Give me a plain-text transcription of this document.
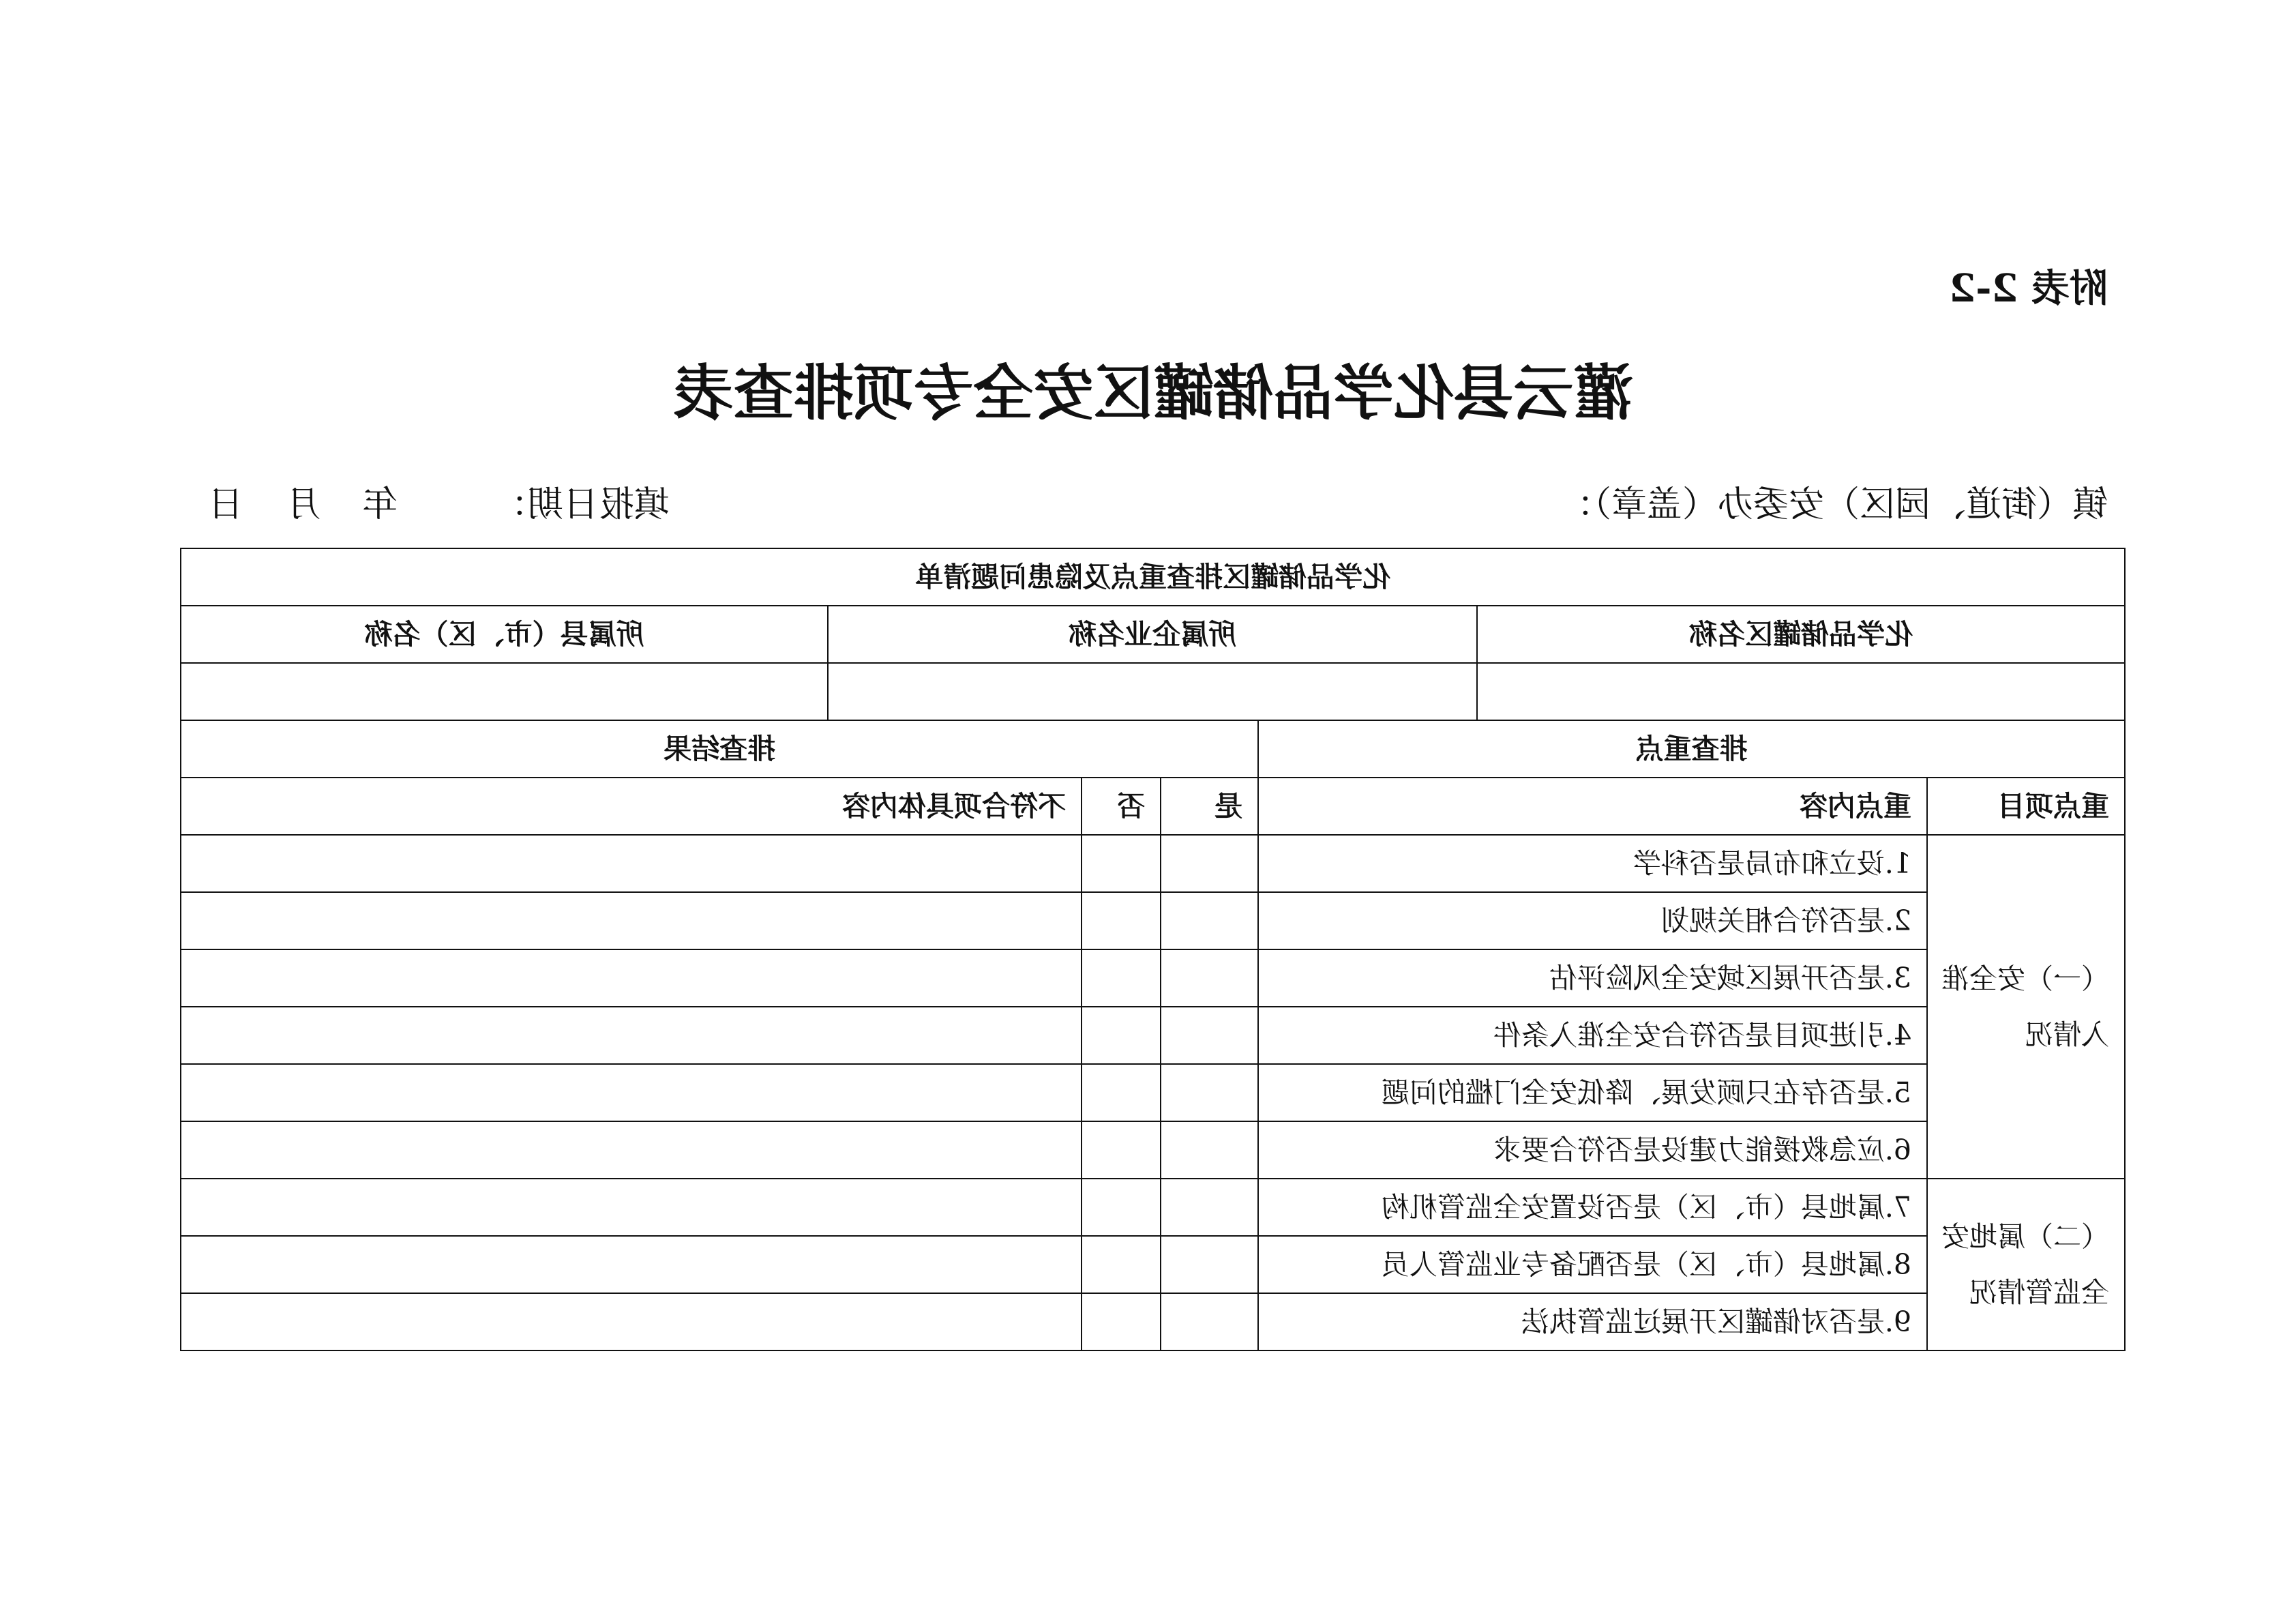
附表 2-2
灌云县化学品储罐区安全专项排查表
镇（街道、园区）安委办（盖章）：
填报日期：
年
月
日
化学品储罐区排查重点及隐患问题清单						
化学品储罐区名称		所属企业名称				所属县（市、区）名称

排查重点			排查结果			
重点项目	重点内容		是	否	不符合项具体内容	
（一）安全准入情况	1.设立和布局是否科学					
	2.是否符合相关规划					
	3.是否开展区域安全风险评估					
	4.引进项目是否符合安全准入条件					
	5.是否存在只顾发展、降低安全门槛的问题					
	6.应急救援能力建设是否符合要求					
（二）属地安全监管情况	7.属地县（市、区）是否设置安全监管机构					
	8.属地县（市、区）是否配备专业监管人员					
	9.是否对储罐区开展过监管执法					
